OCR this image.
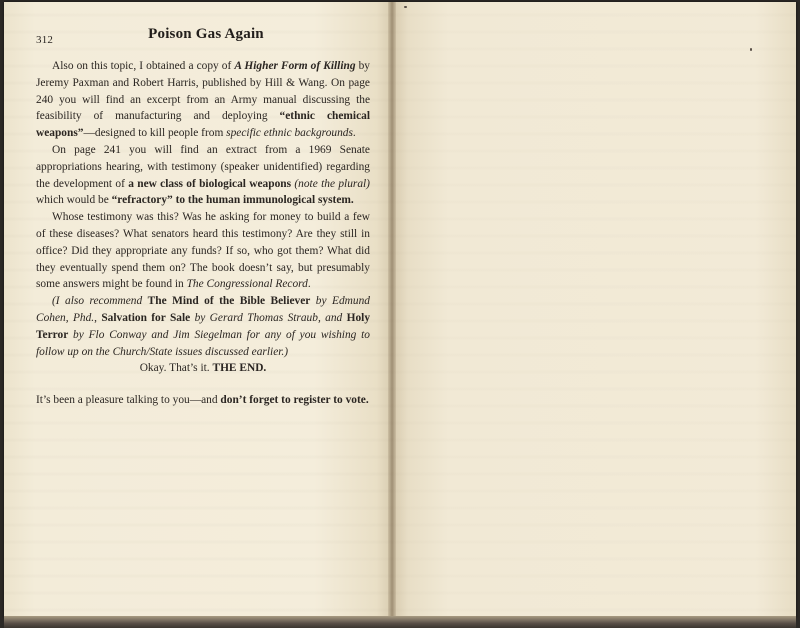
312	Poison Gas Again

Also on this topic, I obtained a copy of A Higher Form of Killing by Jeremy Paxman and Robert Harris, published by Hill & Wang. On page 240 you will find an excerpt from an Army manual discussing the feasibility of manufacturing and deploying “ethnic chemical weapons”—designed to kill people from specific ethnic backgrounds.

On page 241 you will find an extract from a 1969 Senate appropriations hearing, with testimony (speaker unidentified) regarding the development of a new class of biological weapons (note the plural) which would be “refractory” to the human immunological system.

Whose testimony was this? Was he asking for money to build a few of these diseases? What senators heard this testimony? Are they still in office? Did they appropriate any funds? If so, who got them? What did they eventually spend them on? The book doesn’t say, but presumably some answers might be found in The Congressional Record.

(I also recommend The Mind of the Bible Believer by Edmund Cohen, Phd., Salvation for Sale by Gerard Thomas Straub, and Holy Terror by Flo Conway and Jim Siegelman for any of you wishing to follow up on the Church/State issues discussed earlier.)

Okay. That’s it. THE END.

It’s been a pleasure talking to you—and don’t forget to register to vote.
